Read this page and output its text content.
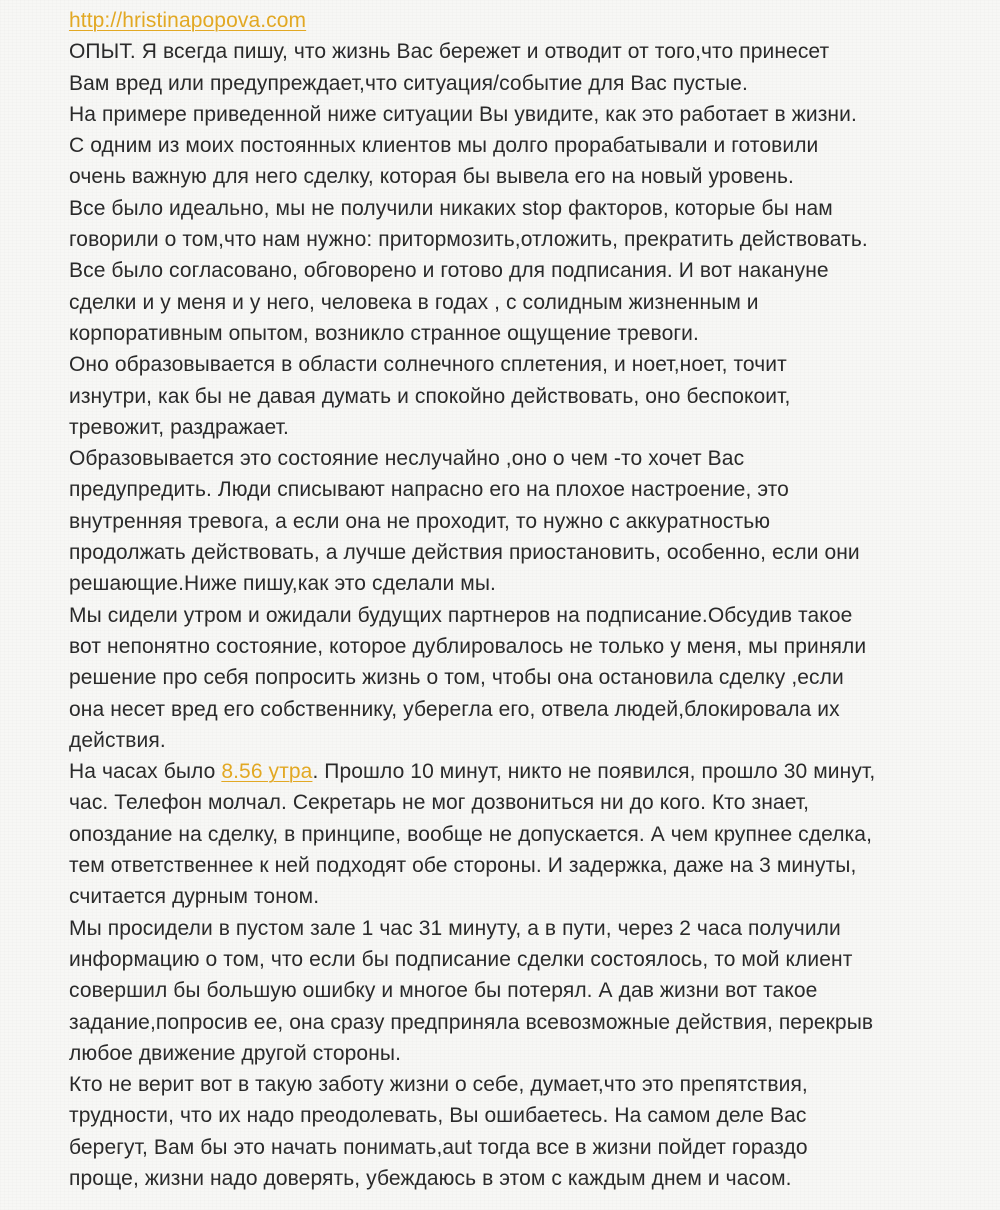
http://hristinapopova.com
ОПЫТ. Я всегда пишу, что жизнь Вас бережет и отводит от того,что принесет
Вам вред или предупреждает,что ситуация/событие для Вас пустые.
На примере приведенной ниже ситуации Вы увидите, как это работает в жизни.
С одним из моих постоянных клиентов мы долго прорабатывали и готовили
очень важную для него сделку, которая бы вывела его на новый уровень.
Все было идеально, мы не получили никаких stop факторов, которые бы нам
говорили о том,что нам нужно: притормозить,отложить, прекратить действовать.
Все было согласовано, обговорено и готово для подписания. И вот накануне
сделки и у меня и у него, человека в годах , с солидным жизненным и
корпоративным опытом, возникло странное ощущение тревоги.
Оно образовывается в области солнечного сплетения, и ноет,ноет, точит
изнутри, как бы не давая думать и спокойно действовать, оно беспокоит,
тревожит, раздражает.
Образовывается это состояние неслучайно ,оно о чем -то хочет Вас
предупредить. Люди списывают напрасно его на плохое настроение, это
внутренняя тревога, а если она не проходит, то нужно с аккуратностью
продолжать действовать, а лучше действия приостановить, особенно, если они
решающие.Ниже пишу,как это сделали мы.
Мы сидели утром и ожидали будущих партнеров на подписание.Обсудив такое
вот непонятно состояние, которое дублировалось не только у меня, мы приняли
решение про себя попросить жизнь о том, чтобы она остановила сделку ,если
она несет вред его собственнику, уберегла его, отвела людей,блокировала их
действия.
На часах было 8.56 утра. Прошло 10 минут, никто не появился, прошло 30 минут,
час. Телефон молчал. Секретарь не мог дозвониться ни до кого. Кто знает,
опоздание на сделку, в принципе, вообще не допускается. А чем крупнее сделка,
тем ответственнее к ней подходят обе стороны. И задержка, даже на 3 минуты,
считается дурным тоном.
Мы просидели в пустом зале 1 час 31 минуту, а в пути, через 2 часа получили
информацию о том, что если бы подписание сделки состоялось, то мой клиент
совершил бы большую ошибку и многое бы потерял. А дав жизни вот такое
задание,попросив ее, она сразу предприняла всевозможные действия, перекрыв
любое движение другой стороны.
Кто не верит вот в такую заботу жизни о себе, думает,что это препятствия,
трудности, что их надо преодолевать, Вы ошибаетесь. На самом деле Вас
берегут, Вам бы это начать понимать,aut тогда все в жизни пойдет гораздо
проще, жизни надо доверять, убеждаюсь в этом с каждым днем и часом.
